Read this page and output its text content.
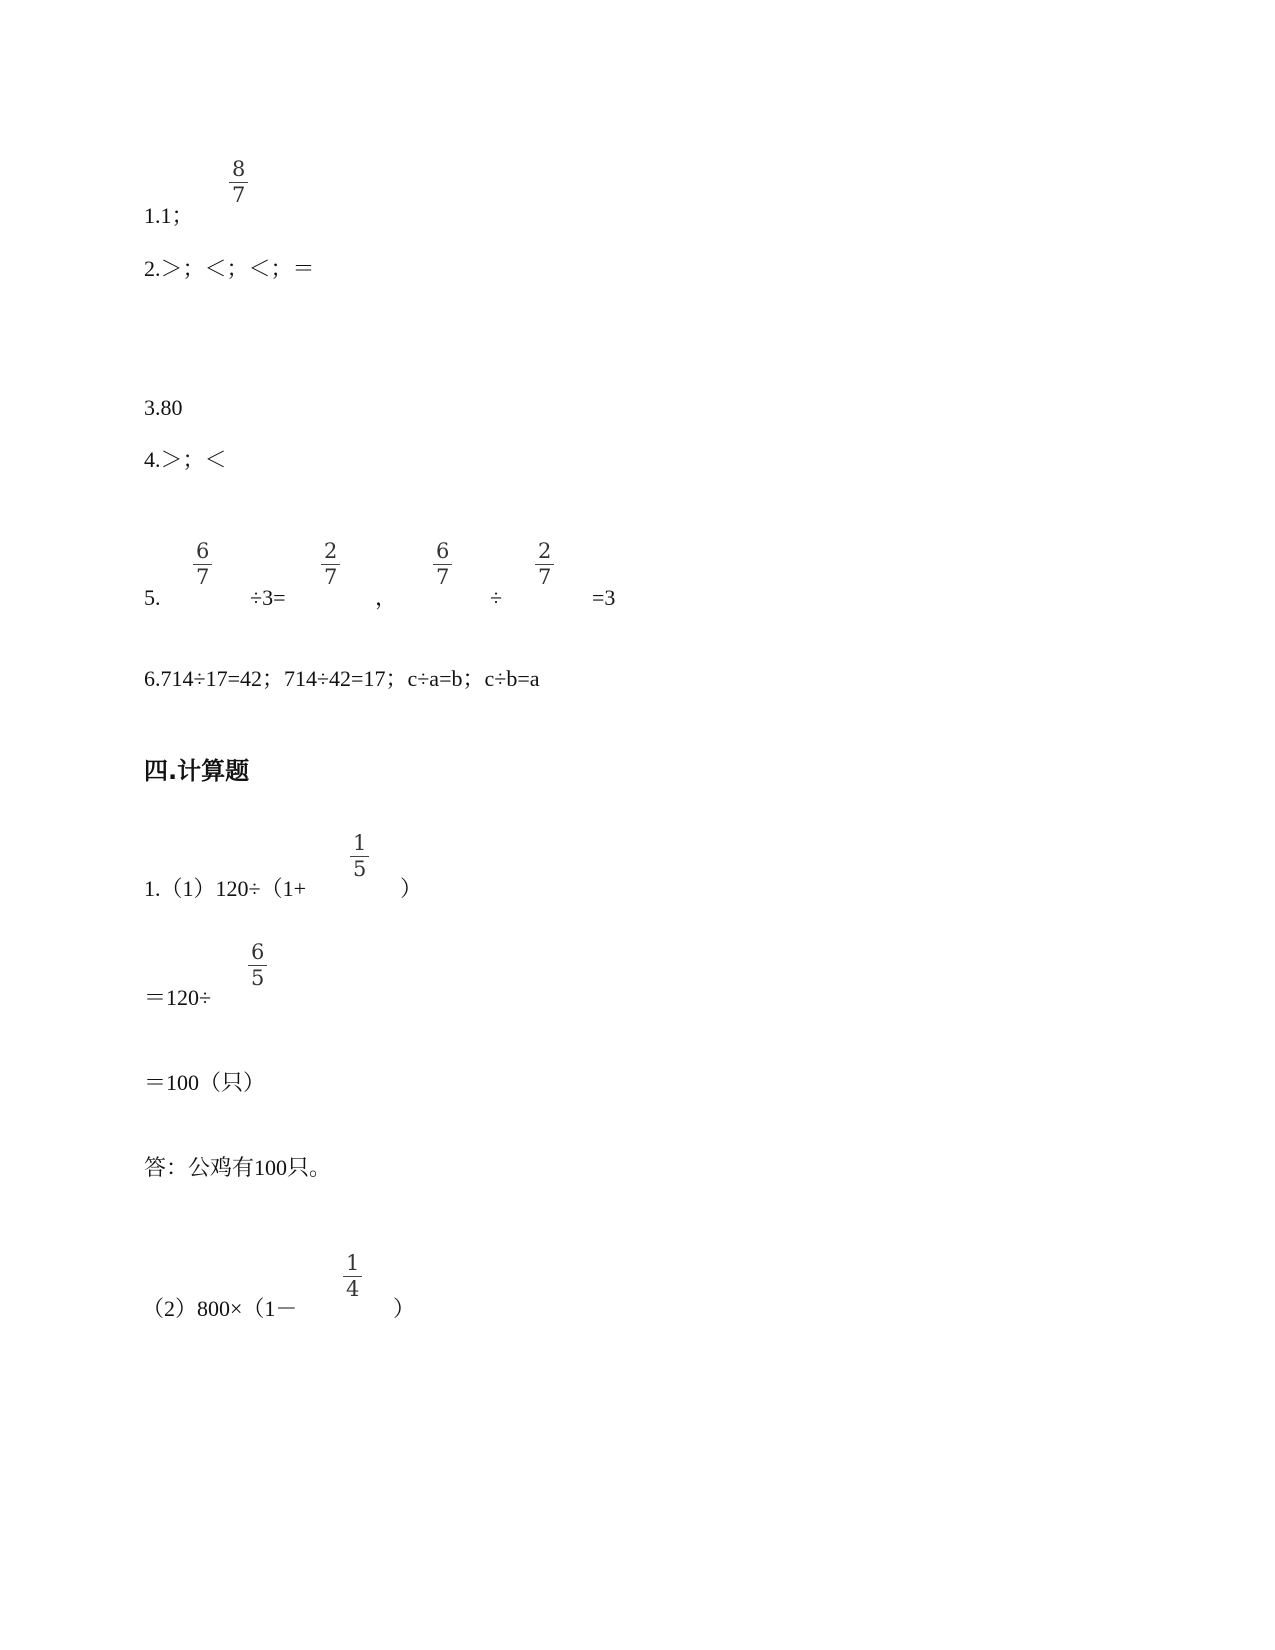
8
7
1.1；
2.＞；＜；＜；＝
3.80
4.＞；＜
5.
6
7
÷3=
2
7
，
6
7
÷
2
7
=3
6.714÷17=42；714÷42=17；c÷a=b；c÷b=a
四.计算题
1
5
1.（1）120÷（1+	）
6
5
＝120÷
＝100（只）
答：公鸡有100只。
1
4
（2）800×（1－	）
